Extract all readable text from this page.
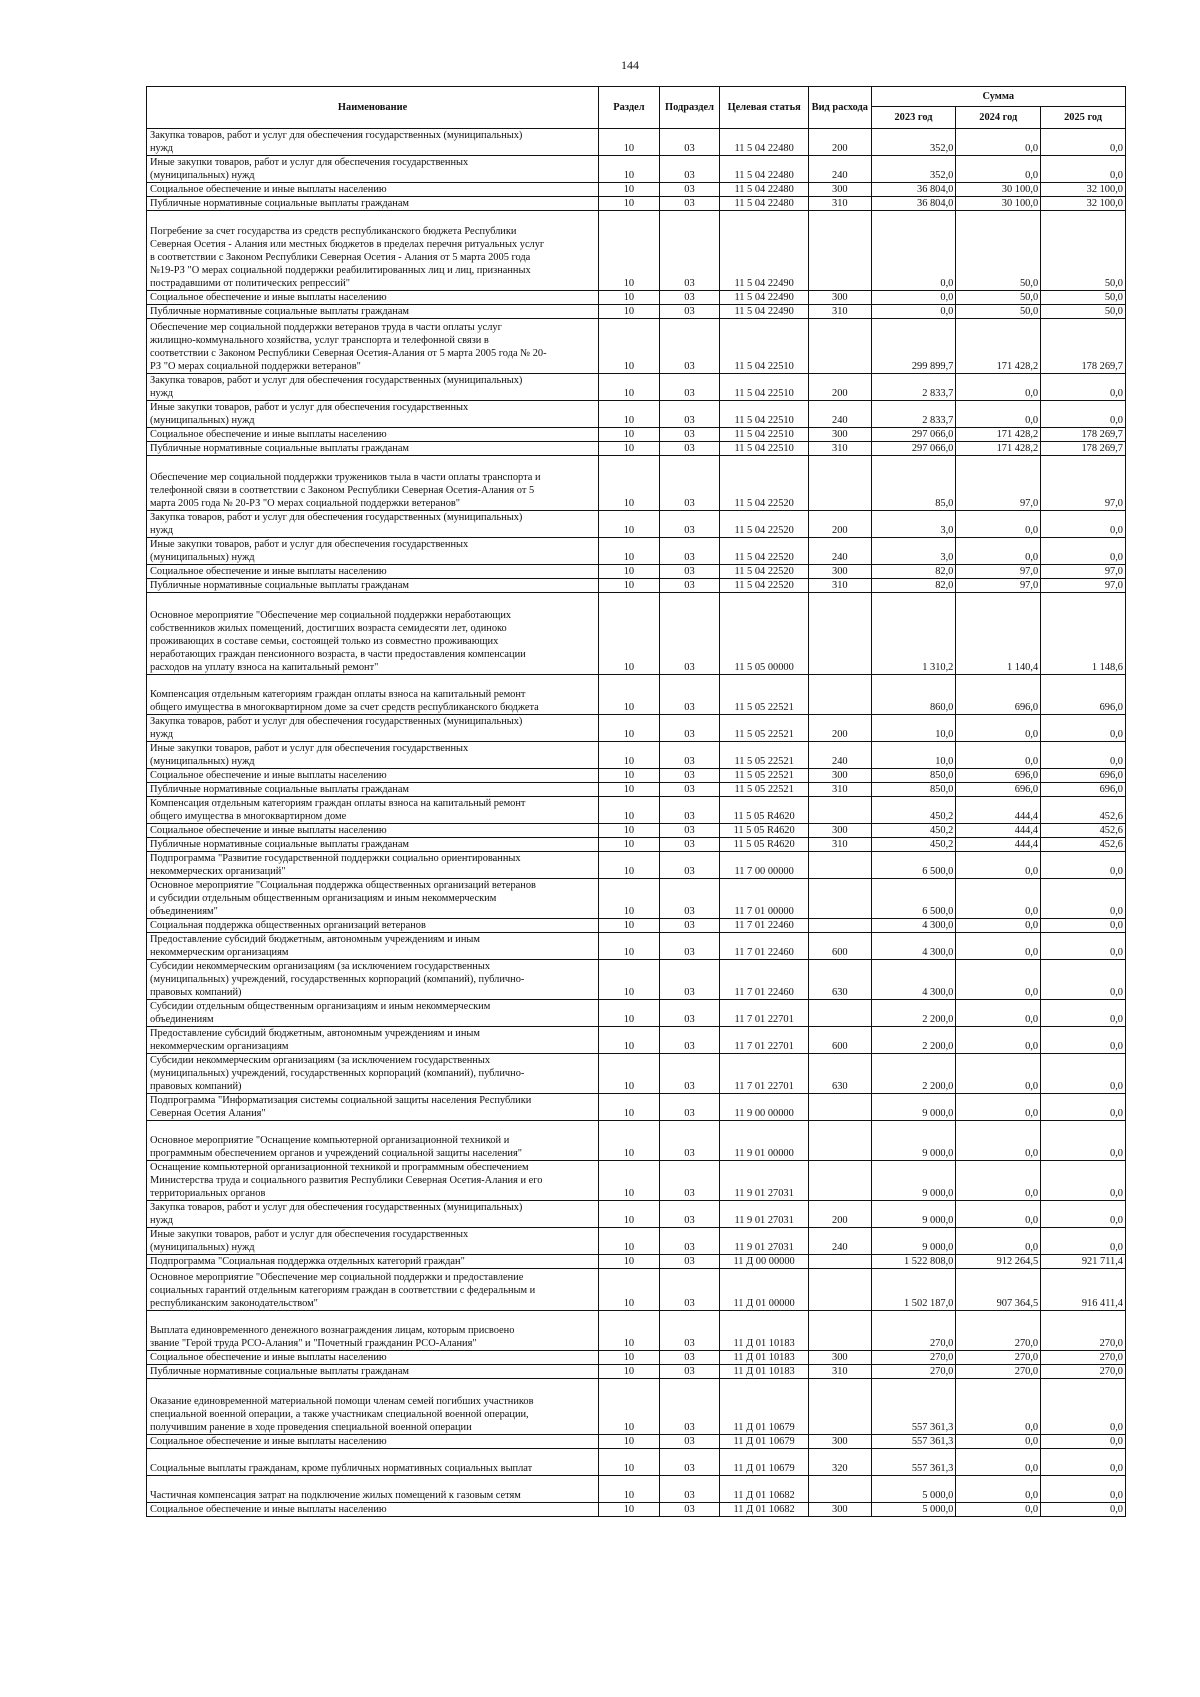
144
Наименование	Раздел	Подраздел	Целевая статья	Вид расхода	Сумма		
					2023 год	2024 год	2025 год
Закупка товаров, работ и услуг для обеспечения государственных (муниципальных)
нужд	10	03	11 5 04 22480	200	352,0	0,0	0,0
Иные закупки товаров, работ и услуг для обеспечения государственных
(муниципальных) нужд	10	03	11 5 04 22480	240	352,0	0,0	0,0
Социальное обеспечение и иные выплаты населению	10	03	11 5 04 22480	300	36 804,0	30 100,0	32 100,0
Публичные нормативные социальные выплаты гражданам	10	03	11 5 04 22480	310	36 804,0	30 100,0	32 100,0
Погребение за счет государства из средств республиканского бюджета Республики
Северная Осетия - Алания или местных бюджетов в пределах перечня ритуальных услуг
в соответствии с Законом Республики Северная Осетия - Алания от 5 марта 2005 года
№19-РЗ "О мерах социальной поддержки реабилитированных лиц и лиц, признанных
пострадавшими от политических репрессий"	10	03	11 5 04 22490		0,0	50,0	50,0
Социальное обеспечение и иные выплаты населению	10	03	11 5 04 22490	300	0,0	50,0	50,0
Публичные нормативные социальные выплаты гражданам	10	03	11 5 04 22490	310	0,0	50,0	50,0
Обеспечение мер социальной поддержки ветеранов труда в части оплаты услуг
жилищно-коммунального хозяйства, услуг транспорта и телефонной связи в
соответствии с Законом Республики Северная Осетия-Алания от 5 марта 2005 года № 20-
РЗ "О мерах социальной поддержки ветеранов"	10	03	11 5 04 22510		299 899,7	171 428,2	178 269,7
Закупка товаров, работ и услуг для обеспечения государственных (муниципальных)
нужд	10	03	11 5 04 22510	200	2 833,7	0,0	0,0
Иные закупки товаров, работ и услуг для обеспечения государственных
(муниципальных) нужд	10	03	11 5 04 22510	240	2 833,7	0,0	0,0
Социальное обеспечение и иные выплаты населению	10	03	11 5 04 22510	300	297 066,0	171 428,2	178 269,7
Публичные нормативные социальные выплаты гражданам	10	03	11 5 04 22510	310	297 066,0	171 428,2	178 269,7
Обеспечение мер социальной поддержки тружеников тыла в части оплаты транспорта и
телефонной связи в соответствии с Законом Республики Северная Осетия-Алания от 5
марта 2005 года № 20-РЗ "О мерах социальной поддержки ветеранов"	10	03	11 5 04 22520		85,0	97,0	97,0
Закупка товаров, работ и услуг для обеспечения государственных (муниципальных)
нужд	10	03	11 5 04 22520	200	3,0	0,0	0,0
Иные закупки товаров, работ и услуг для обеспечения государственных
(муниципальных) нужд	10	03	11 5 04 22520	240	3,0	0,0	0,0
Социальное обеспечение и иные выплаты населению	10	03	11 5 04 22520	300	82,0	97,0	97,0
Публичные нормативные социальные выплаты гражданам	10	03	11 5 04 22520	310	82,0	97,0	97,0
Основное мероприятие "Обеспечение мер социальной поддержки неработающих
собственников жилых помещений, достигших возраста семидесяти лет, одиноко
проживающих в составе семьи, состоящей только из совместно проживающих
неработающих граждан пенсионного возраста, в части предоставления компенсации
расходов на уплату взноса на капитальный ремонт"	10	03	11 5 05 00000		1 310,2	1 140,4	1 148,6
Компенсация отдельным категориям граждан оплаты взноса на капитальный ремонт
общего имущества в многоквартирном доме за счет средств республиканского бюджета	10	03	11 5 05 22521		860,0	696,0	696,0
Закупка товаров, работ и услуг для обеспечения государственных (муниципальных)
нужд	10	03	11 5 05 22521	200	10,0	0,0	0,0
Иные закупки товаров, работ и услуг для обеспечения государственных
(муниципальных) нужд	10	03	11 5 05 22521	240	10,0	0,0	0,0
Социальное обеспечение и иные выплаты населению	10	03	11 5 05 22521	300	850,0	696,0	696,0
Публичные нормативные социальные выплаты гражданам	10	03	11 5 05 22521	310	850,0	696,0	696,0
Компенсация отдельным категориям граждан оплаты взноса на капитальный ремонт
общего имущества в многоквартирном доме	10	03	11 5 05 R4620		450,2	444,4	452,6
Социальное обеспечение и иные выплаты населению	10	03	11 5 05 R4620	300	450,2	444,4	452,6
Публичные нормативные социальные выплаты гражданам	10	03	11 5 05 R4620	310	450,2	444,4	452,6
Подпрограмма "Развитие государственной поддержки социально ориентированных
некоммерческих организаций"	10	03	11 7 00 00000		6 500,0	0,0	0,0
Основное мероприятие "Социальная поддержка общественных организаций ветеранов
и субсидии отдельным общественным организациям и иным некоммерческим
объединениям"	10	03	11 7 01 00000		6 500,0	0,0	0,0
Социальная поддержка общественных организаций ветеранов	10	03	11 7 01 22460		4 300,0	0,0	0,0
Предоставление субсидий бюджетным, автономным учреждениям и иным
некоммерческим организациям	10	03	11 7 01 22460	600	4 300,0	0,0	0,0
Субсидии некоммерческим организациям (за исключением государственных
(муниципальных) учреждений, государственных корпораций (компаний), публично-
правовых компаний)	10	03	11 7 01 22460	630	4 300,0	0,0	0,0
Субсидии отдельным общественным организациям и иным некоммерческим
объединениям	10	03	11 7 01 22701		2 200,0	0,0	0,0
Предоставление субсидий бюджетным, автономным учреждениям и иным
некоммерческим организациям	10	03	11 7 01 22701	600	2 200,0	0,0	0,0
Субсидии некоммерческим организациям (за исключением государственных
(муниципальных) учреждений, государственных корпораций (компаний), публично-
правовых компаний)	10	03	11 7 01 22701	630	2 200,0	0,0	0,0
Подпрограмма "Информатизация системы социальной защиты населения Республики
Северная Осетия Алания"	10	03	11 9 00 00000		9 000,0	0,0	0,0
Основное мероприятие "Оснащение компьютерной организационной техникой и
программным обеспечением органов и учреждений социальной защиты населения"	10	03	11 9 01 00000		9 000,0	0,0	0,0
Оснащение компьютерной организационной техникой и программным обеспечением
Министерства труда и социального развития Республики Северная Осетия-Алания и его
территориальных органов	10	03	11 9 01 27031		9 000,0	0,0	0,0
Закупка товаров, работ и услуг для обеспечения государственных (муниципальных)
нужд	10	03	11 9 01 27031	200	9 000,0	0,0	0,0
Иные закупки товаров, работ и услуг для обеспечения государственных
(муниципальных) нужд	10	03	11 9 01 27031	240	9 000,0	0,0	0,0
Подпрограмма "Социальная поддержка отдельных категорий граждан"	10	03	11 Д 00 00000		1 522 808,0	912 264,5	921 711,4
Основное мероприятие "Обеспечение мер социальной поддержки и предоставление
социальных гарантий отдельным категориям граждан в соответствии с федеральным и
республиканским законодательством"	10	03	11 Д 01 00000		1 502 187,0	907 364,5	916 411,4
Выплата единовременного денежного вознаграждения лицам, которым присвоено
звание "Герой труда РСО-Алания" и "Почетный гражданин РСО-Алания"	10	03	11 Д 01 10183		270,0	270,0	270,0
Социальное обеспечение и иные выплаты населению	10	03	11 Д 01 10183	300	270,0	270,0	270,0
Публичные нормативные социальные выплаты гражданам	10	03	11 Д 01 10183	310	270,0	270,0	270,0
Оказание единовременной материальной помощи членам семей погибших участников
специальной военной операции, а также участникам специальной военной операции,
получившим ранение в ходе проведения специальной военной операции	10	03	11 Д 01 10679		557 361,3	0,0	0,0
Социальное обеспечение и иные выплаты населению	10	03	11 Д 01 10679	300	557 361,3	0,0	0,0
Социальные выплаты гражданам, кроме публичных нормативных социальных выплат	10	03	11 Д 01 10679	320	557 361,3	0,0	0,0
Частичная компенсация затрат на подключение жилых помещений к газовым сетям	10	03	11 Д 01 10682		5 000,0	0,0	0,0
Социальное обеспечение и иные выплаты населению	10	03	11 Д 01 10682	300	5 000,0	0,0	0,0
